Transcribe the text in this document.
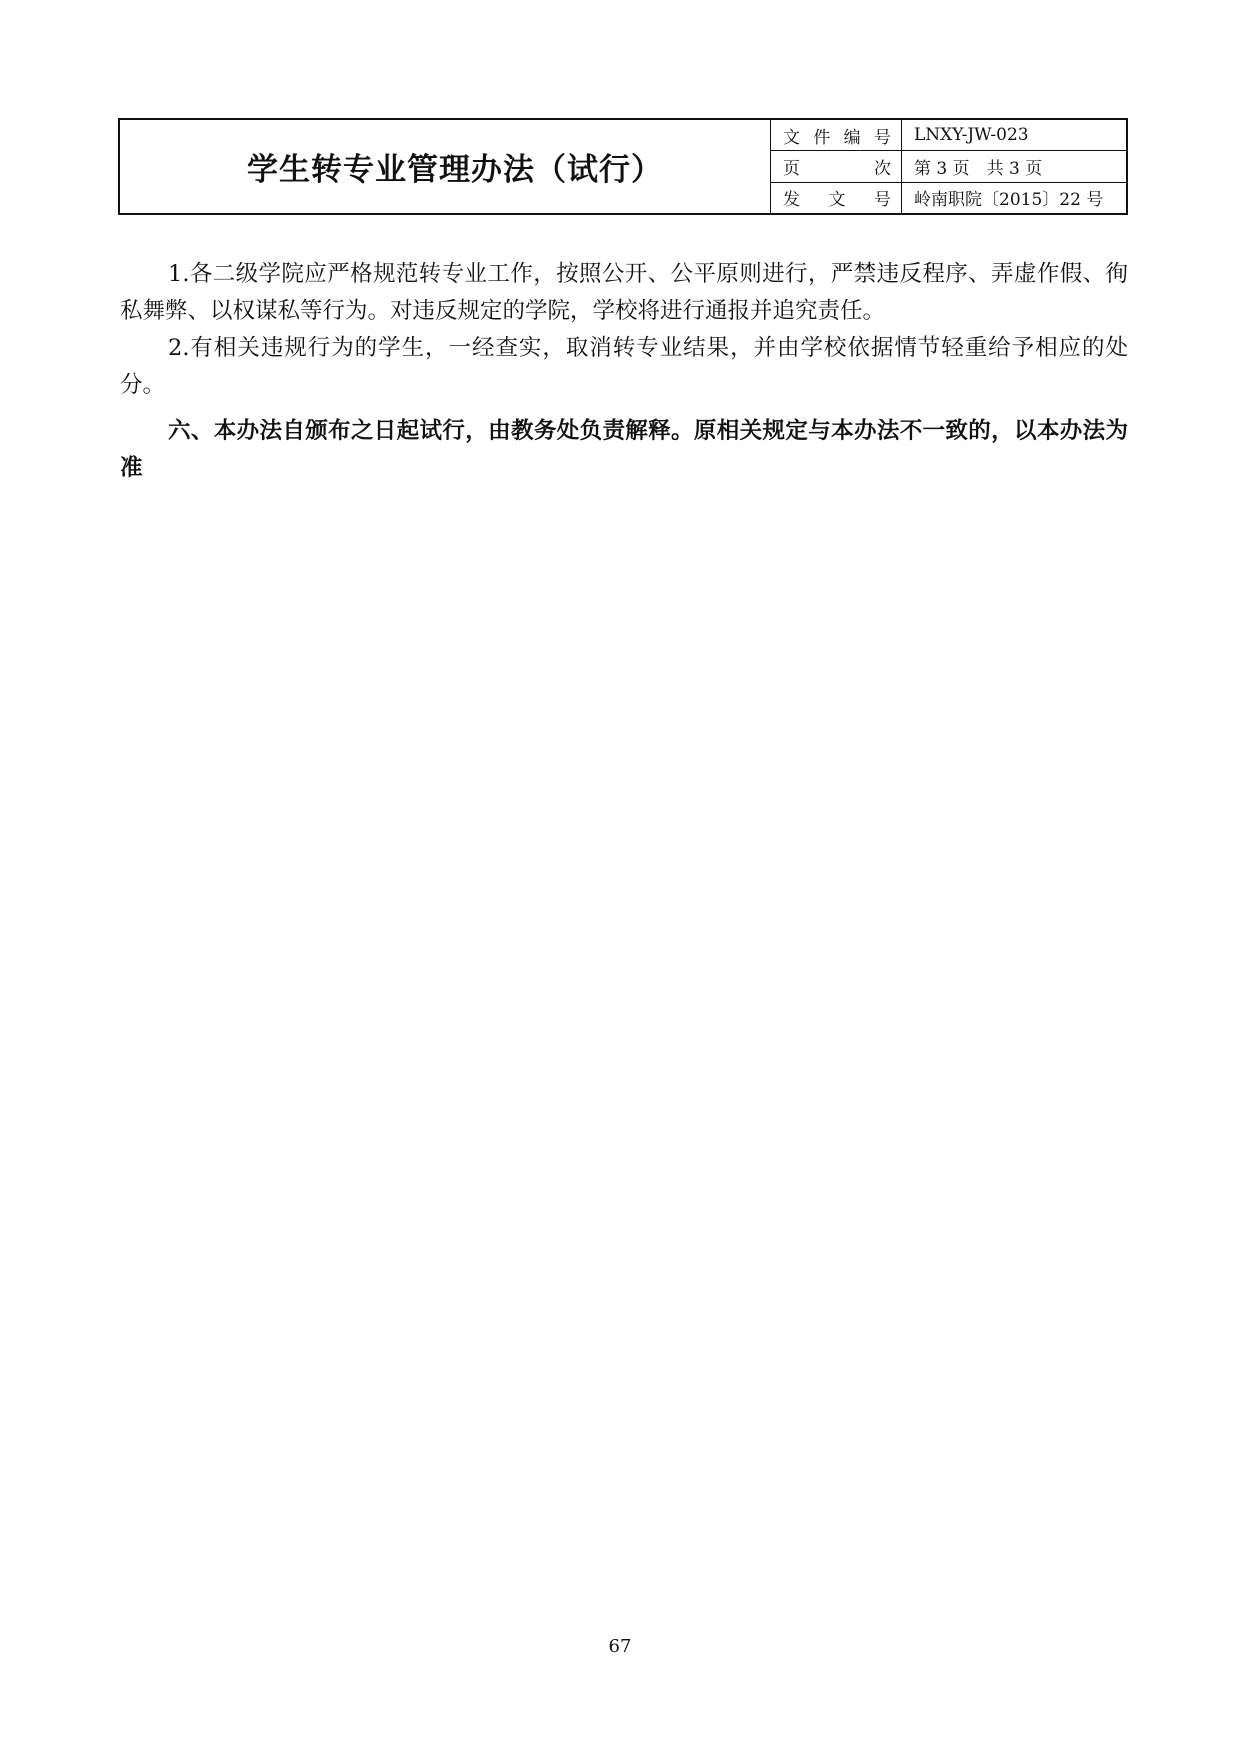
学生转专业管理办法（试行）
文件编号	LNXY-JW-023
页次	第 3 页　共 3 页
发文号	岭南职院〔2015〕22 号

1.各二级学院应严格规范转专业工作，按照公开、公平原则进行，严禁违反程序、弄虚作假、徇私舞弊、以权谋私等行为。对违反规定的学院，学校将进行通报并追究责任。

2.有相关违规行为的学生，一经查实，取消转专业结果，并由学校依据情节轻重给予相应的处分。

六、本办法自颁布之日起试行，由教务处负责解释。原相关规定与本办法不一致的，以本办法为准

67
